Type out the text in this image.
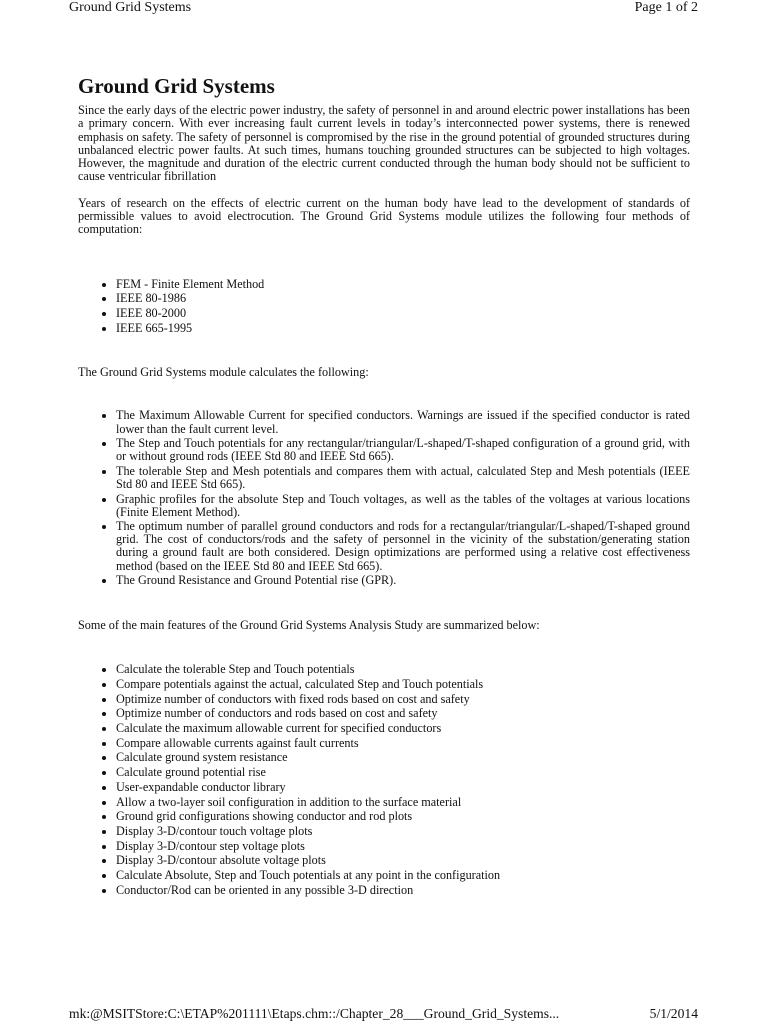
Ground Grid Systems	Page 1 of 2
Ground Grid Systems

Since the early days of the electric power industry, the safety of personnel in and around electric power installations has been a primary concern. With ever increasing fault current levels in today’s interconnected power systems, there is renewed emphasis on safety. The safety of personnel is compromised by the rise in the ground potential of grounded structures during unbalanced electric power faults. At such times, humans touching grounded structures can be subjected to high voltages. However, the magnitude and duration of the electric current conducted through the human body should not be sufficient to cause ventricular fibrillation

Years of research on the effects of electric current on the human body have lead to the development of standards of permissible values to avoid electrocution. The Ground Grid Systems module utilizes the following four methods of computation:

• FEM - Finite Element Method
• IEEE 80-1986
• IEEE 80-2000
• IEEE 665-1995
The Ground Grid Systems module calculates the following:
• The Maximum Allowable Current for specified conductors. Warnings are issued if the specified conductor is rated lower than the fault current level.
• The Step and Touch potentials for any rectangular/triangular/L-shaped/T-shaped configuration of a ground grid, with or without ground rods (IEEE Std 80 and IEEE Std 665).
• The tolerable Step and Mesh potentials and compares them with actual, calculated Step and Mesh potentials (IEEE Std 80 and IEEE Std 665).
• Graphic profiles for the absolute Step and Touch voltages, as well as the tables of the voltages at various locations (Finite Element Method).
• The optimum number of parallel ground conductors and rods for a rectangular/triangular/L-shaped/T-shaped ground grid. The cost of conductors/rods and the safety of personnel in the vicinity of the substation/generating station during a ground fault are both considered. Design optimizations are performed using a relative cost effectiveness method (based on the IEEE Std 80 and IEEE Std 665).
• The Ground Resistance and Ground Potential rise (GPR).
Some of the main features of the Ground Grid Systems Analysis Study are summarized below:
• Calculate the tolerable Step and Touch potentials
• Compare potentials against the actual, calculated Step and Touch potentials
• Optimize number of conductors with fixed rods based on cost and safety
• Optimize number of conductors and rods based on cost and safety
• Calculate the maximum allowable current for specified conductors
• Compare allowable currents against fault currents
• Calculate ground system resistance
• Calculate ground potential rise
• User-expandable conductor library
• Allow a two-layer soil configuration in addition to the surface material
• Ground grid configurations showing conductor and rod plots
• Display 3-D/contour touch voltage plots
• Display 3-D/contour step voltage plots
• Display 3-D/contour absolute voltage plots
• Calculate Absolute, Step and Touch potentials at any point in the configuration
• Conductor/Rod can be oriented in any possible 3-D direction
mk:@MSITStore:C:\ETAP%201111\Etaps.chm::/Chapter_28___Ground_Grid_Systems...	5/1/2014
